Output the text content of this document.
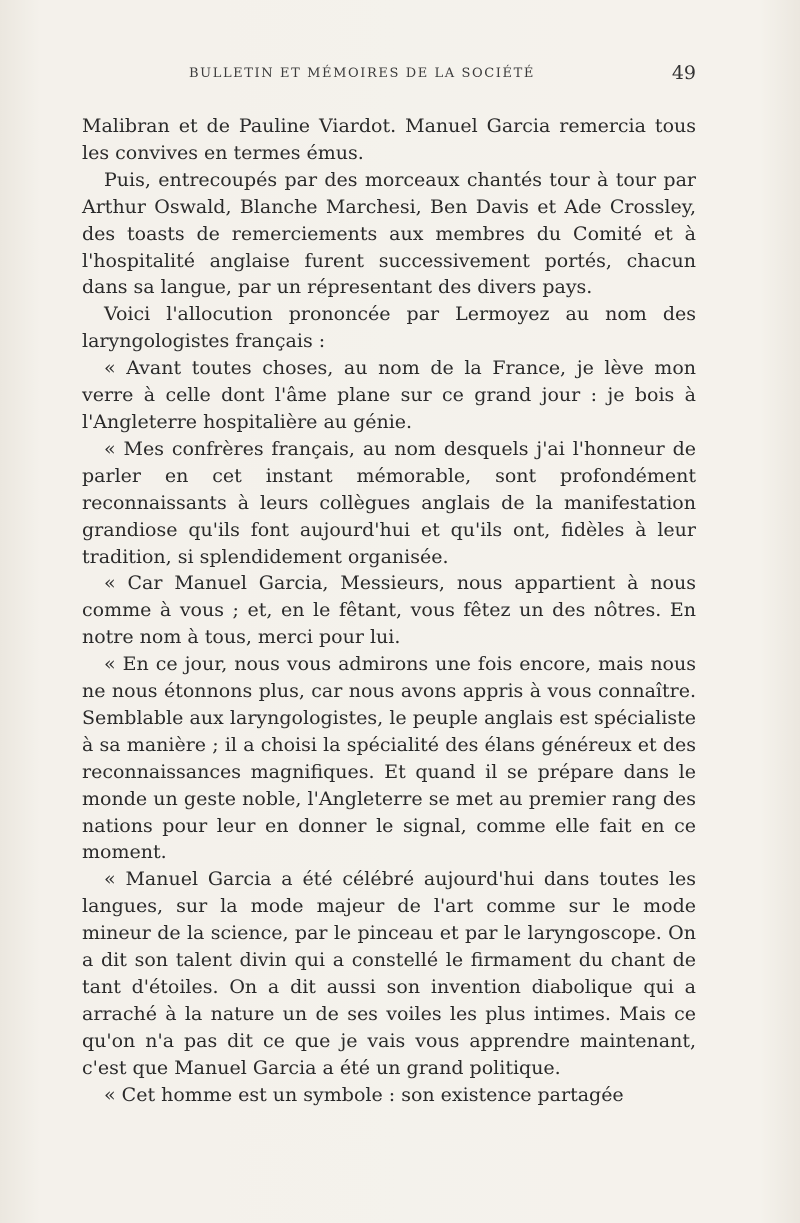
BULLETIN ET MÉMOIRES DE LA SOCIÉTÉ	49

Malibran et de Pauline Viardot. Manuel Garcia remercia tous les convives en termes émus.

Puis, entrecoupés par des morceaux chantés tour à tour par Arthur Oswald, Blanche Marchesi, Ben Davis et Ade Crossley, des toasts de remerciements aux membres du Comité et à l'hospitalité anglaise furent successivement portés, chacun dans sa langue, par un répresentant des divers pays.

Voici l'allocution prononcée par Lermoyez au nom des laryngologistes français :

« Avant toutes choses, au nom de la France, je lève mon verre à celle dont l'âme plane sur ce grand jour : je bois à l'Angleterre hospitalière au génie.

« Mes confrères français, au nom desquels j'ai l'honneur de parler en cet instant mémorable, sont profondément reconnaissants à leurs collègues anglais de la manifestation grandiose qu'ils font aujourd'hui et qu'ils ont, fidèles à leur tradition, si splendidement organisée.

« Car Manuel Garcia, Messieurs, nous appartient à nous comme à vous ; et, en le fêtant, vous fêtez un des nôtres. En notre nom à tous, merci pour lui.

« En ce jour, nous vous admirons une fois encore, mais nous ne nous étonnons plus, car nous avons appris à vous connaître. Semblable aux laryngologistes, le peuple anglais est spécialiste à sa manière ; il a choisi la spécialité des élans généreux et des reconnaissances magnifiques. Et quand il se prépare dans le monde un geste noble, l'Angleterre se met au premier rang des nations pour leur en donner le signal, comme elle fait en ce moment.

« Manuel Garcia a été célébré aujourd'hui dans toutes les langues, sur la mode majeur de l'art comme sur le mode mineur de la science, par le pinceau et par le laryngoscope. On a dit son talent divin qui a constellé le firmament du chant de tant d'étoiles. On a dit aussi son invention diabolique qui a arraché à la nature un de ses voiles les plus intimes. Mais ce qu'on n'a pas dit ce que je vais vous apprendre maintenant, c'est que Manuel Garcia a été un grand politique.

« Cet homme est un symbole : son existence partagée
